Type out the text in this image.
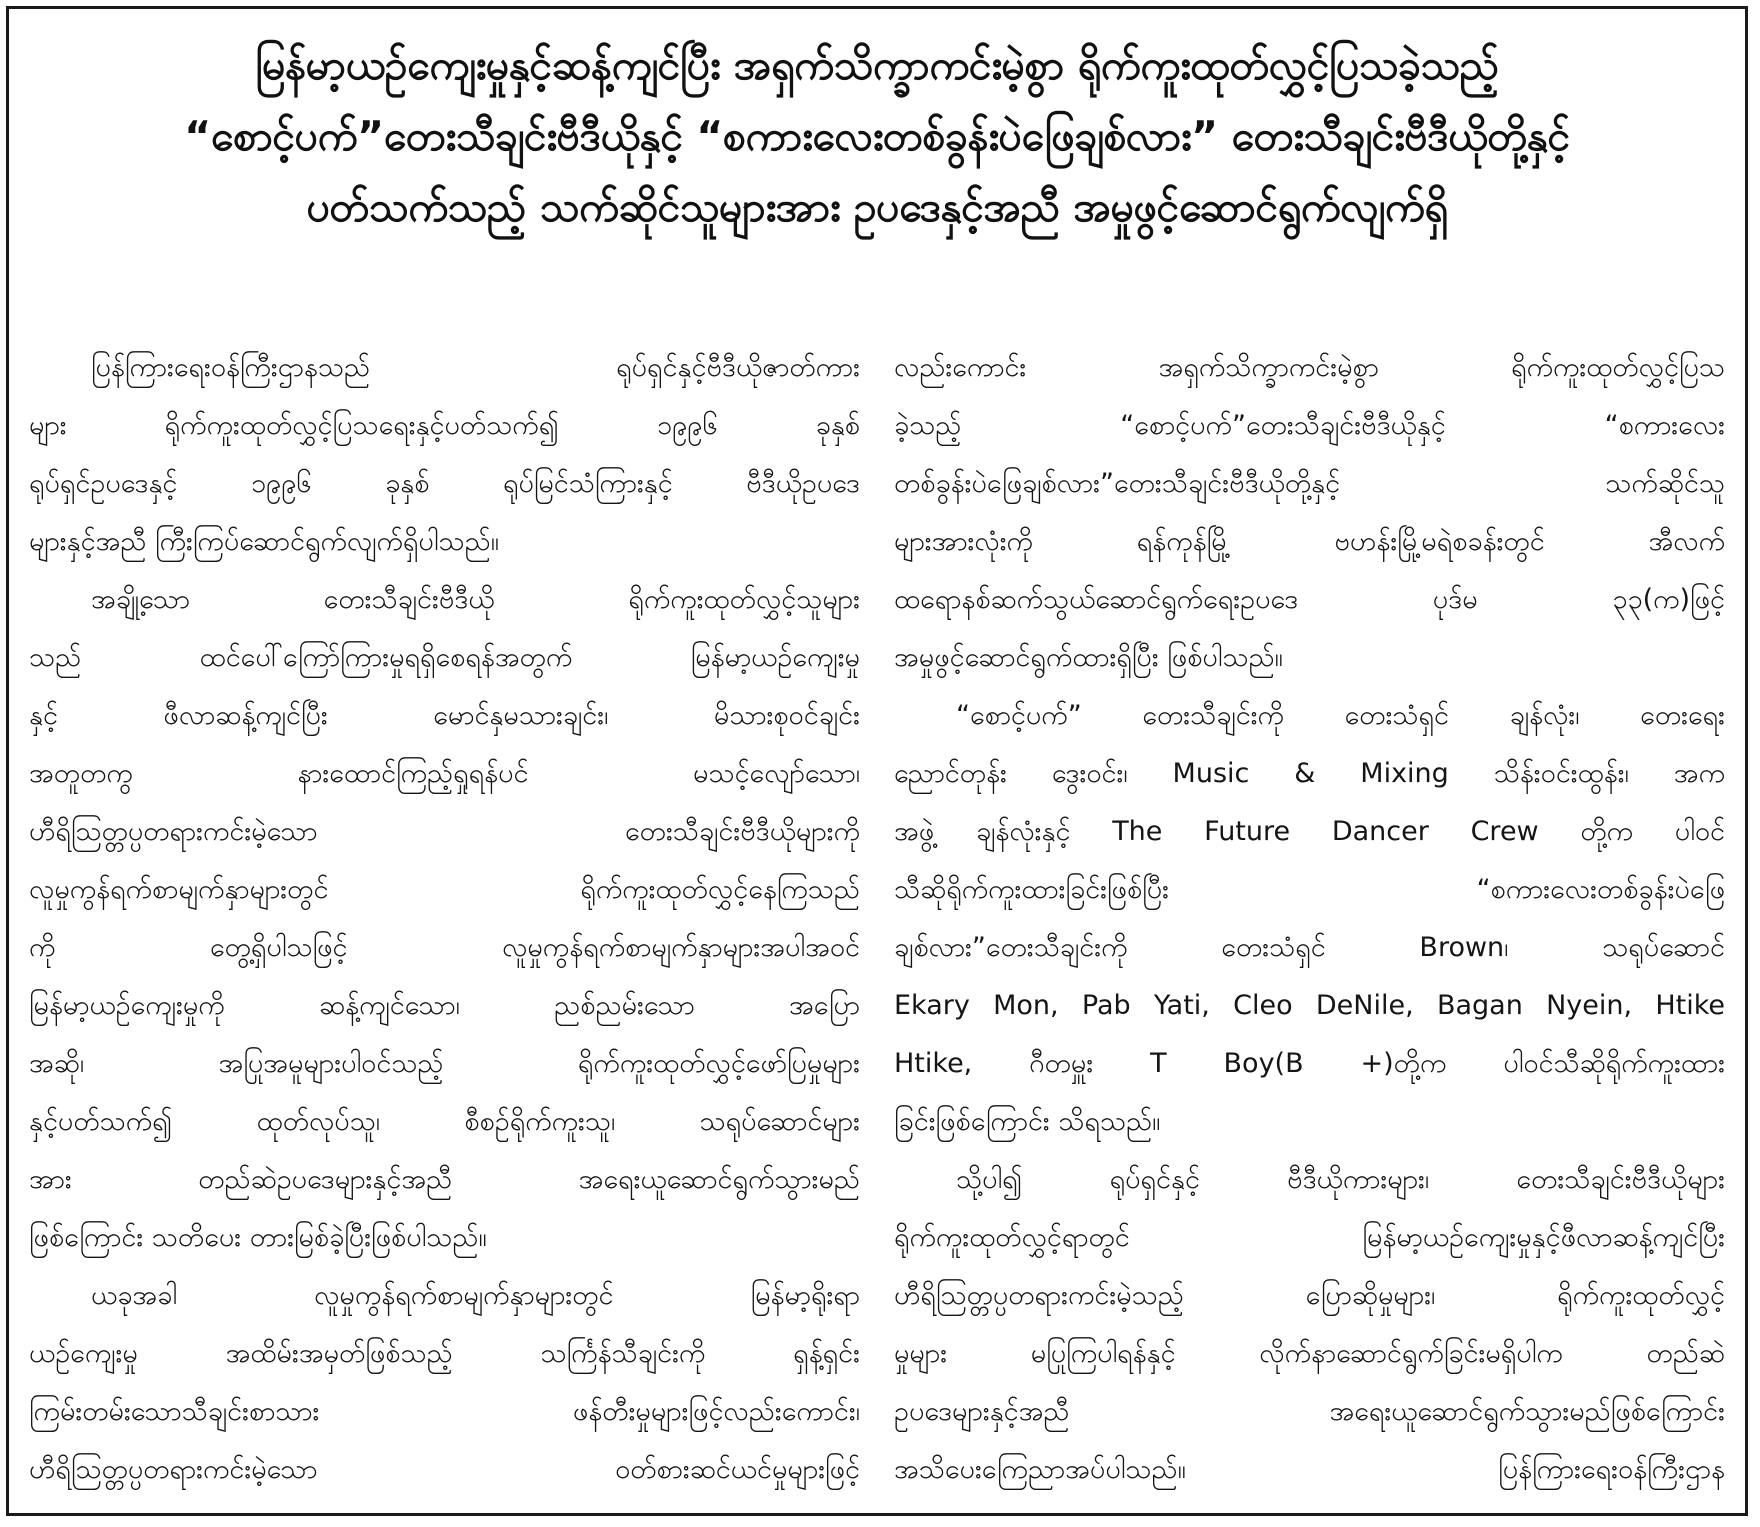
မြန်မာ့ယဉ်ကျေးမှုနှင့်ဆန့်ကျင်ပြီး အရှက်သိက္ခာကင်းမဲ့စွာ ရိုက်ကူးထုတ်လွှင့်ပြသခဲ့သည့်
“စောင့်ပက်”တေးသီချင်းဗီဒီယိုနှင့် “စကားလေးတစ်ခွန်းပဲဖြေချစ်လား” တေးသီချင်းဗီဒီယိုတို့နှင့်
ပတ်သက်သည့် သက်ဆိုင်သူများအား ဥပဒေနှင့်အညီ အမှုဖွင့်ဆောင်ရွက်လျက်ရှိ
ပြန်ကြားရေးဝန်ကြီးဌာနသည် ရုပ်ရှင်နှင့်ဗီဒီယိုဇာတ်ကား
များ ရိုက်ကူးထုတ်လွှင့်ပြသရေးနှင့်ပတ်သက်၍ ၁၉၉၆ ခုနှစ်
ရုပ်ရှင်ဥပဒေနှင့် ၁၉၉၆ ခုနှစ် ရုပ်မြင်သံကြားနှင့် ဗီဒီယိုဥပဒေ
များနှင့်အညီ ကြီးကြပ်ဆောင်ရွက်လျက်ရှိပါသည်။
အချို့သော တေးသီချင်းဗီဒီယို ရိုက်ကူးထုတ်လွှင့်သူများ
သည် ထင်ပေါ်ကြော်ကြားမှုရရှိစေရန်အတွက် မြန်မာ့ယဉ်ကျေးမှု
နှင့် ဖီလာဆန့်ကျင်ပြီး မောင်နှမသားချင်း၊ မိသားစုဝင်ချင်း
အတူတကွ နားထောင်ကြည့်ရှုရန်ပင် မသင့်လျော်သော၊
ဟီရိဩတ္တပ္ပတရားကင်းမဲ့သော တေးသီချင်းဗီဒီယိုများကို
လူမှုကွန်ရက်စာမျက်နှာများတွင် ရိုက်ကူးထုတ်လွှင့်နေကြသည်
ကို တွေ့ရှိပါသဖြင့် လူမှုကွန်ရက်စာမျက်နှာများအပါအဝင်
မြန်မာ့ယဉ်ကျေးမှုကို ဆန့်ကျင်သော၊ ညစ်ညမ်းသော အပြော
အဆို၊ အပြုအမူများပါဝင်သည့် ရိုက်ကူးထုတ်လွှင့်ဖော်ပြမှုများ
နှင့်ပတ်သက်၍ ထုတ်လုပ်သူ၊ စီစဉ်ရိုက်ကူးသူ၊ သရုပ်ဆောင်များ
အား တည်ဆဲဥပဒေများနှင့်အညီ အရေးယူဆောင်ရွက်သွားမည်
ဖြစ်ကြောင်း သတိပေး တားမြစ်ခဲ့ပြီးဖြစ်ပါသည်။
ယခုအခါ လူမှုကွန်ရက်စာမျက်နှာများတွင် မြန်မာ့ရိုးရာ
ယဉ်ကျေးမှု အထိမ်းအမှတ်ဖြစ်သည့် သင်္ကြန်သီချင်းကို ရှန့်ရှင်း
ကြမ်းတမ်းသောသီချင်းစာသား ဖန်တီးမှုများဖြင့်လည်းကောင်း၊
ဟီရိဩတ္တပ္ပတရားကင်းမဲ့သော ဝတ်စားဆင်ယင်မှုများဖြင့်
လည်းကောင်း အရှက်သိက္ခာကင်းမဲ့စွာ ရိုက်ကူးထုတ်လွှင့်ပြသ
ခဲ့သည့် “စောင့်ပက်”တေးသီချင်းဗီဒီယိုနှင့် “စကားလေး
တစ်ခွန်းပဲဖြေချစ်လား”တေးသီချင်းဗီဒီယိုတို့နှင့် သက်ဆိုင်သူ
များအားလုံးကို ရန်ကုန်မြို့ ဗဟန်းမြို့မရဲစခန်းတွင် အီလက်
ထရောနစ်ဆက်သွယ်ဆောင်ရွက်ရေးဥပဒေ ပုဒ်မ ၃၃(က)ဖြင့်
အမှုဖွင့်ဆောင်ရွက်ထားရှိပြီး ဖြစ်ပါသည်။
“စောင့်ပက်” တေးသီချင်းကို တေးသံရှင် ချန်လုံး၊ တေးရေး
ညောင်တုန်း ဒွေးဝင်း၊ Music & Mixing သိန်းဝင်းထွန်း၊ အက
အဖွဲ့ ချန်လုံးနှင့် The Future Dancer Crew တို့က ပါဝင်
သီဆိုရိုက်ကူးထားခြင်းဖြစ်ပြီး “စကားလေးတစ်ခွန်းပဲဖြေ
ချစ်လား”တေးသီချင်းကို တေးသံရှင် Brown၊ သရုပ်ဆောင်
Ekary Mon, Pab Yati, Cleo DeNile, Bagan Nyein, Htike
Htike, ဂီတမှူး T Boy(B +)တို့က ပါဝင်သီဆိုရိုက်ကူးထား
ခြင်းဖြစ်ကြောင်း သိရသည်။
သို့ပါ၍ ရုပ်ရှင်နှင့် ဗီဒီယိုကားများ၊ တေးသီချင်းဗီဒီယိုများ
ရိုက်ကူးထုတ်လွှင့်ရာတွင် မြန်မာ့ယဉ်ကျေးမှုနှင့်ဖီလာဆန့်ကျင်ပြီး
ဟီရိဩတ္တပ္ပတရားကင်းမဲ့သည့် ပြောဆိုမှုများ၊ ရိုက်ကူးထုတ်လွှင့်
မှုများ မပြုကြပါရန်နှင့် လိုက်နာဆောင်ရွက်ခြင်းမရှိပါက တည်ဆဲ
ဥပဒေများနှင့်အညီ အရေးယူဆောင်ရွက်သွားမည်ဖြစ်ကြောင်း
အသိပေးကြေညာအပ်ပါသည်။	ပြန်ကြားရေးဝန်ကြီးဌာန
